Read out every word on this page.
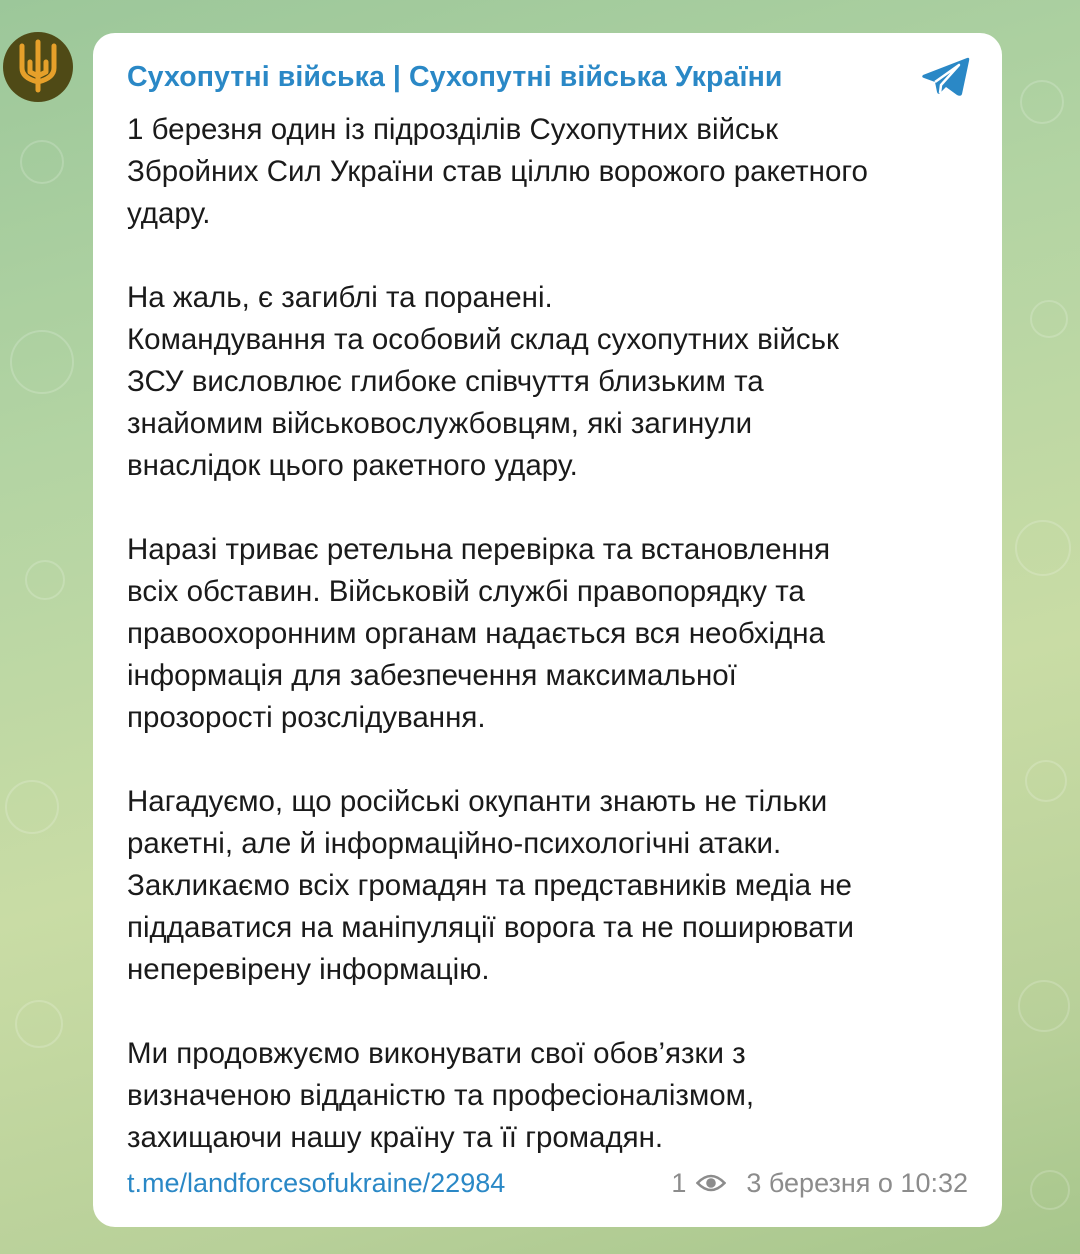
Сухопутні війська | Сухопутні війська України

1 березня один із підрозділів Сухопутних військ
Збройних Сил України став ціллю ворожого ракетного
удару.

На жаль, є загиблі та поранені.
Командування та особовий склад сухопутних військ
ЗСУ висловлює глибоке співчуття близьким та
знайомим військовослужбовцям, які загинули
внаслідок цього ракетного удару.

Наразі триває ретельна перевірка та встановлення
всіх обставин. Військовій службі правопорядку та
правоохоронним органам надається вся необхідна
інформація для забезпечення максимальної
прозорості розслідування.

Нагадуємо, що російські окупанти знають не тільки
ракетні, але й інформаційно-психологічні атаки.
Закликаємо всіх громадян та представників медіа не
піддаватися на маніпуляції ворога та не поширювати
неперевірену інформацію.

Ми продовжуємо виконувати свої обов’язки з
визначеною відданістю та професіоналізмом,
захищаючи нашу країну та її громадян.

t.me/landforcesofukraine/22984	1 3 березня о 10:32
